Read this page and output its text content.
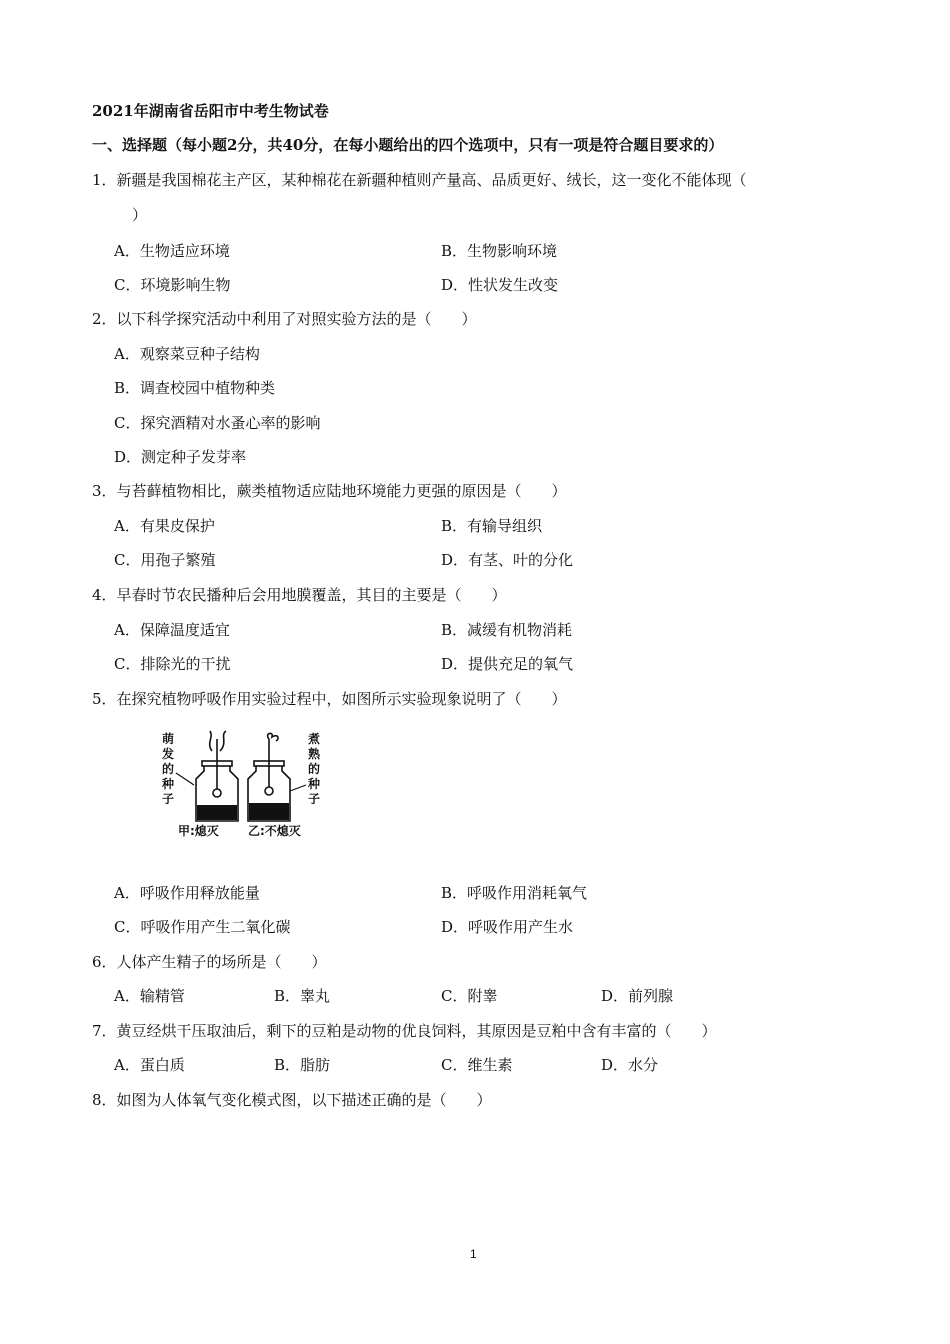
2021年湖南省岳阳市中考生物试卷
一、选择题（每小题2分，共40分，在每小题给出的四个选项中，只有一项是符合题目要求的）
1．新疆是我国棉花主产区，某种棉花在新疆种植则产量高、品质更好、绒长，这一变化不能体现（
）
A．生物适应环境	B．生物影响环境
C．环境影响生物	D．性状发生改变
2．以下科学探究活动中利用了对照实验方法的是（　　）
A．观察菜豆种子结构
B．调查校园中植物种类
C．探究酒精对水蚤心率的影响
D．测定种子发芽率
3．与苔藓植物相比，蕨类植物适应陆地环境能力更强的原因是（　　）
A．有果皮保护	B．有输导组织
C．用孢子繁殖	D．有茎、叶的分化
4．早春时节农民播种后会用地膜覆盖，其目的主要是（　　）
A．保障温度适宜	B．减缓有机物消耗
C．排除光的干扰	D．提供充足的氧气
5．在探究植物呼吸作用实验过程中，如图所示实验现象说明了（　　）
萌
发
的
种
子
煮
熟
的
种
子
甲:熄灭 乙:不熄灭
A．呼吸作用释放能量	B．呼吸作用消耗氧气
C．呼吸作用产生二氧化碳	D．呼吸作用产生水
6．人体产生精子的场所是（　　）
A．输精管	B．睾丸	C．附睾	D．前列腺
7．黄豆经烘干压取油后，剩下的豆粕是动物的优良饲料，其原因是豆粕中含有丰富的（　　）
A．蛋白质	B．脂肪	C．维生素	D．水分
8．如图为人体氧气变化模式图，以下描述正确的是（　　）
1
